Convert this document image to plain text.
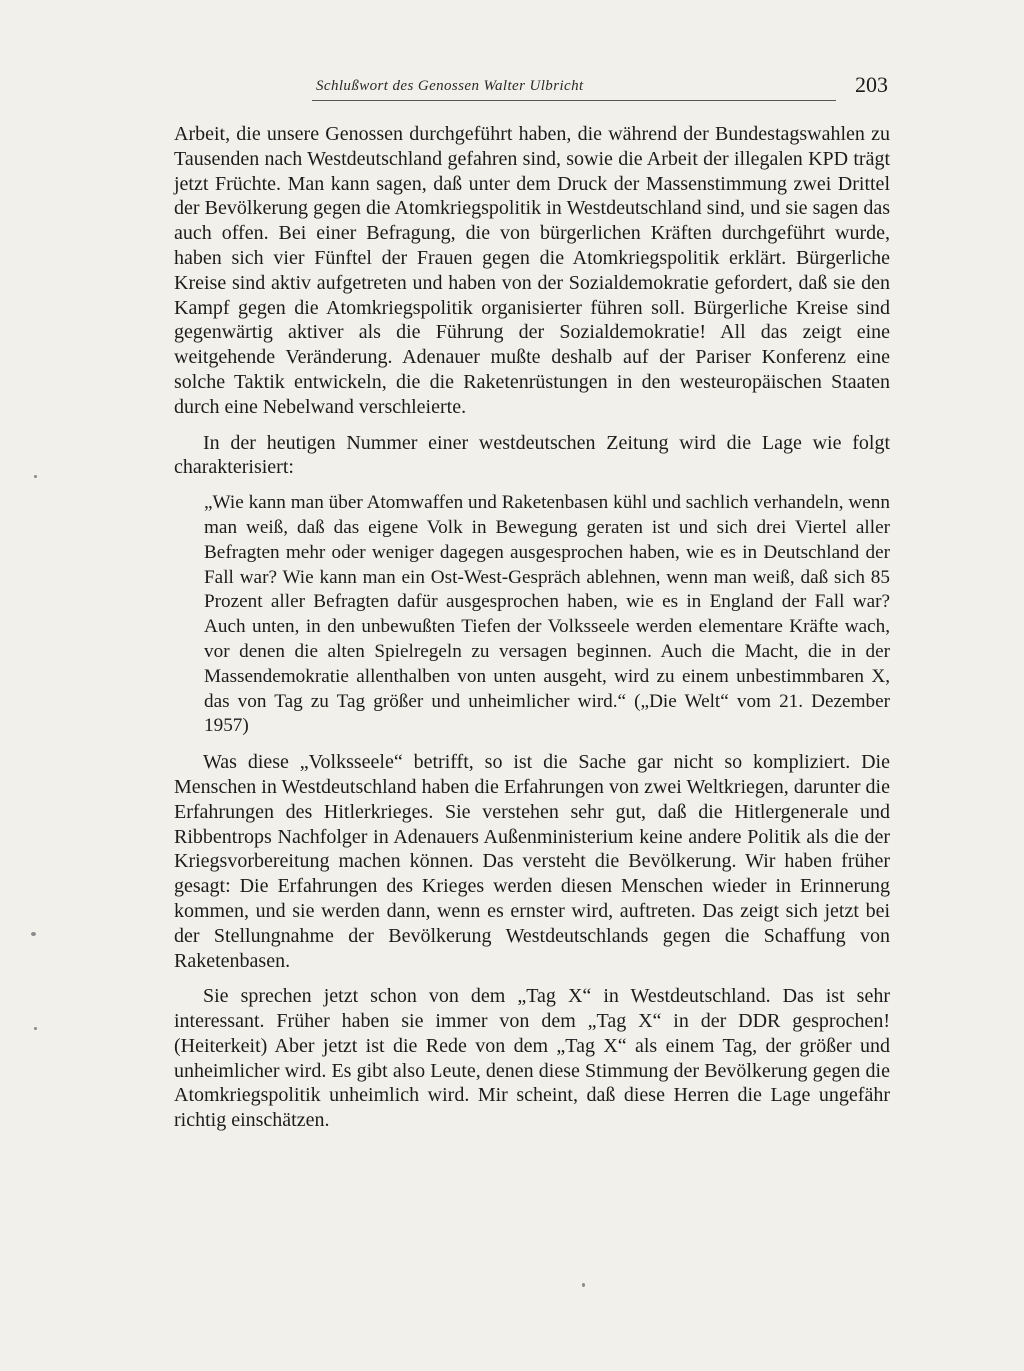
Schlußwort des Genossen Walter Ulbricht	203

Arbeit, die unsere Genossen durchgeführt haben, die während der Bundestagswahlen zu Tausenden nach Westdeutschland gefahren sind, sowie die Arbeit der illegalen KPD trägt jetzt Früchte. Man kann sagen, daß unter dem Druck der Massenstimmung zwei Drittel der Bevölkerung gegen die Atomkriegspolitik in Westdeutschland sind, und sie sagen das auch offen. Bei einer Befragung, die von bürgerlichen Kräften durchgeführt wurde, haben sich vier Fünftel der Frauen gegen die Atomkriegspolitik erklärt. Bürgerliche Kreise sind aktiv aufgetreten und haben von der Sozialdemokratie gefordert, daß sie den Kampf gegen die Atomkriegspolitik organisierter führen soll. Bürgerliche Kreise sind gegenwärtig aktiver als die Führung der Sozialdemokratie! All das zeigt eine weitgehende Veränderung. Adenauer mußte deshalb auf der Pariser Konferenz eine solche Taktik entwickeln, die die Raketenrüstungen in den westeuropäischen Staaten durch eine Nebelwand verschleierte.

In der heutigen Nummer einer westdeutschen Zeitung wird die Lage wie folgt charakterisiert:

„Wie kann man über Atomwaffen und Raketenbasen kühl und sachlich verhandeln, wenn man weiß, daß das eigene Volk in Bewegung geraten ist und sich drei Viertel aller Befragten mehr oder weniger dagegen ausgesprochen haben, wie es in Deutschland der Fall war? Wie kann man ein Ost-West-Gespräch ablehnen, wenn man weiß, daß sich 85 Prozent aller Befragten dafür ausgesprochen haben, wie es in England der Fall war? Auch unten, in den unbewußten Tiefen der Volksseele werden elementare Kräfte wach, vor denen die alten Spielregeln zu versagen beginnen. Auch die Macht, die in der Massendemokratie allenthalben von unten ausgeht, wird zu einem unbestimmbaren X, das von Tag zu Tag größer und unheimlicher wird.“ („Die Welt“ vom 21. Dezember 1957)

Was diese „Volksseele“ betrifft, so ist die Sache gar nicht so kompliziert. Die Menschen in Westdeutschland haben die Erfahrungen von zwei Weltkriegen, darunter die Erfahrungen des Hitlerkrieges. Sie verstehen sehr gut, daß die Hitlergenerale und Ribbentrops Nachfolger in Adenauers Außenministerium keine andere Politik als die der Kriegsvorbereitung machen können. Das versteht die Bevölkerung. Wir haben früher gesagt: Die Erfahrungen des Krieges werden diesen Menschen wieder in Erinnerung kommen, und sie werden dann, wenn es ernster wird, auftreten. Das zeigt sich jetzt bei der Stellungnahme der Bevölkerung Westdeutschlands gegen die Schaffung von Raketenbasen.

Sie sprechen jetzt schon von dem „Tag X“ in Westdeutschland. Das ist sehr interessant. Früher haben sie immer von dem „Tag X“ in der DDR gesprochen! (Heiterkeit) Aber jetzt ist die Rede von dem „Tag X“ als einem Tag, der größer und unheimlicher wird. Es gibt also Leute, denen diese Stimmung der Bevölkerung gegen die Atomkriegspolitik unheimlich wird. Mir scheint, daß diese Herren die Lage ungefähr richtig einschätzen.
